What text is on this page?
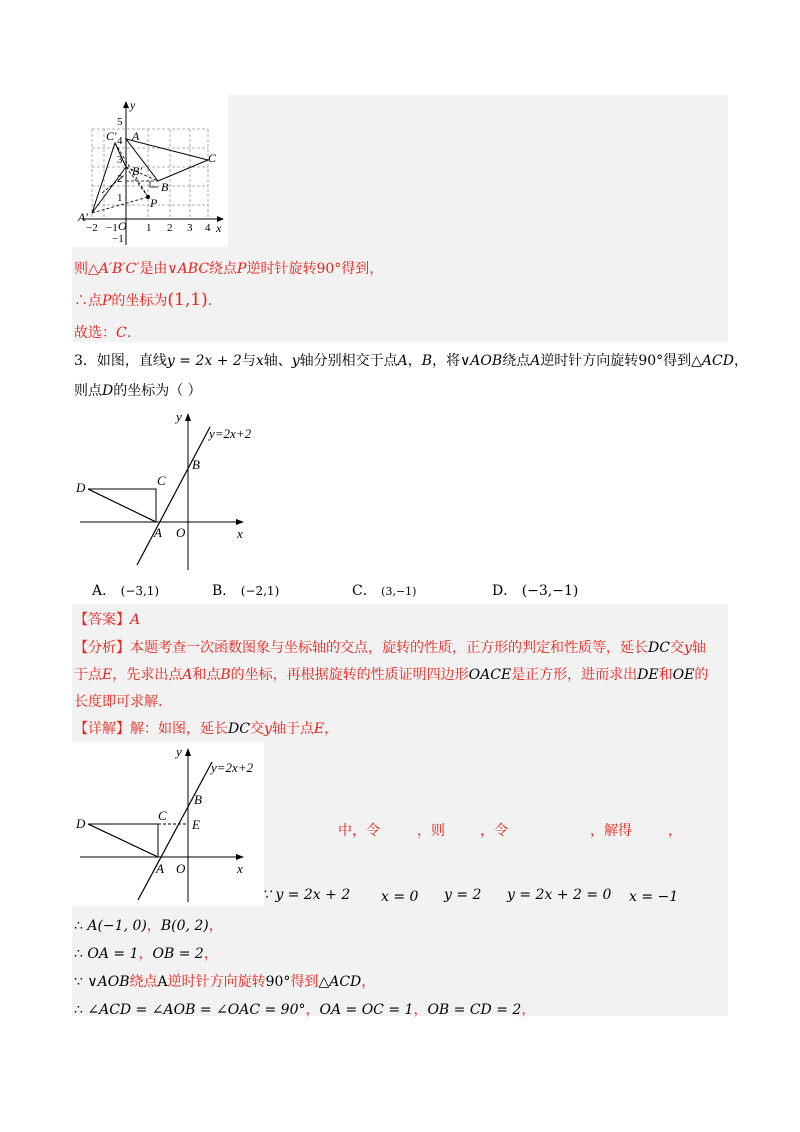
y
x
O
A
B
C
A′
B′
C′
P
−2 −1	1 2 3 4
5
4
3
2
1
−1
则△A′B′C′是由∨ABC绕点P逆时针旋转90°得到，
∴点P的坐标为(1,1).
故选：C.
3．如图，直线y = 2x + 2与x轴、y轴分别相交于点A，B，将∨AOB绕点A逆时针方向旋转90°得到△ACD，
则点D的坐标为（ ）
y
x
y=2x+2
B
C
D
A O
A． (−3,1)	B． (−2,1)	C． (3,−1)	D． (−3,−1)
【答案】A
【分析】本题考查一次函数图象与坐标轴的交点，旋转的性质，正方形的判定和性质等，延长DC交y轴
于点E，先求出点A和点B的坐标，再根据旋转的性质证明四边形OACE是正方形，进而求出DE和OE的
长度即可求解.
【详解】解：如图，延长DC交y轴于点E，
y
x
y=2x+2
B
C
E
D
A O
中，令	，则	，令	，解得	，
∵ y = 2x + 2 x = 0 y = 2 y = 2x + 2 = 0 x = −1
∴ A(−1, 0)，B(0, 2)，
∴ OA = 1，OB = 2，
∵ ∨AOB绕点A逆时针方向旋转90°得到△ACD，
∴ ∠ACD = ∠AOB = ∠OAC = 90°，OA = OC = 1，OB = CD = 2，
